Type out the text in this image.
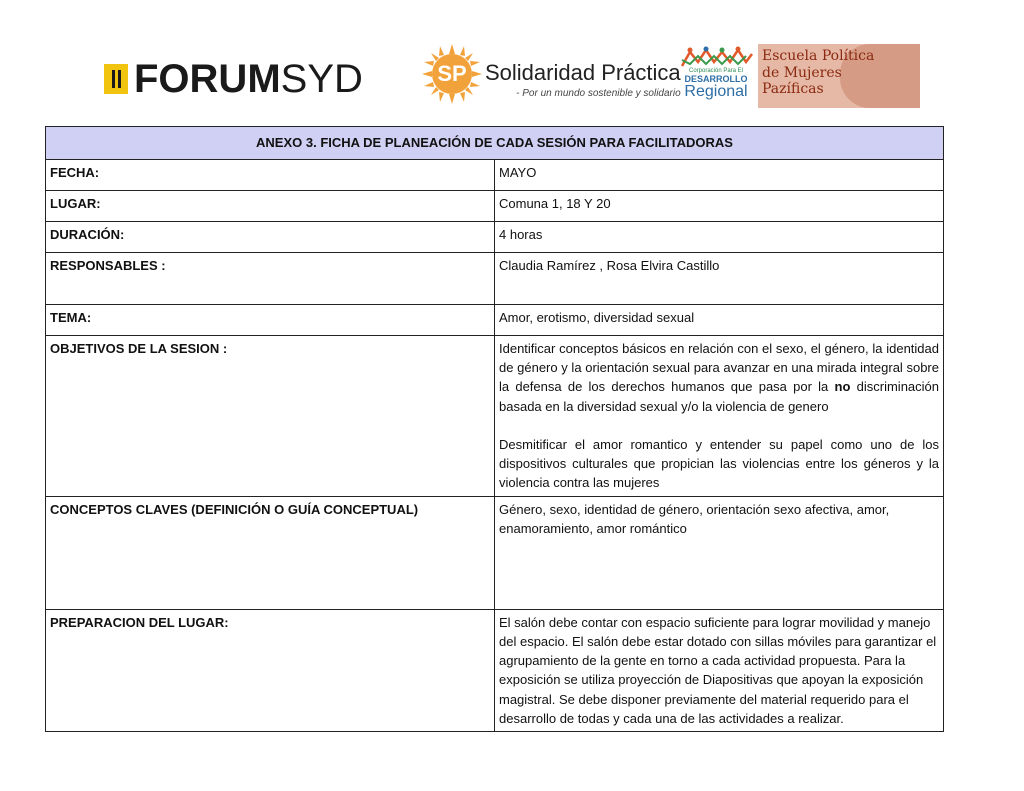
FORUMSYD	SP Solidaridad Práctica
- Por un mundo sostenible y solidario
Corporación Para El
DESARROLLO
Regional
Escuela Política
de Mujeres
Pazíficas
ANEXO 3. FICHA DE PLANEACIÓN DE CADA SESIÓN PARA FACILITADORAS	
FECHA:	MAYO
LUGAR:	Comuna 1, 18 Y 20
DURACIÓN:	4 horas
RESPONSABLES :	Claudia Ramírez , Rosa Elvira Castillo
TEMA:	Amor, erotismo, diversidad sexual
OBJETIVOS DE LA SESION :	Identificar conceptos básicos en relación con el sexo, el género, la identidad de género y la orientación sexual para avanzar en una mirada integral sobre la defensa de los derechos humanos que pasa por la no discriminación basada en la diversidad sexual y/o la violencia de genero

Desmitificar el amor romantico y entender su papel como uno de los dispositivos culturales que propician las violencias entre los géneros y la violencia contra las mujeres

CONCEPTOS CLAVES (DEFINICIÓN O GUÍA CONCEPTUAL)	Género, sexo, identidad de género, orientación sexo afectiva, amor, enamoramiento, amor romántico
PREPARACION DEL LUGAR:	El salón debe contar con espacio suficiente para lograr movilidad y manejo del espacio. El salón debe estar dotado con sillas móviles para garantizar el agrupamiento de la gente en torno a cada actividad propuesta. Para la exposición se utiliza proyección de Diapositivas que apoyan la exposición magistral. Se debe disponer previamente del material requerido para el desarrollo de todas y cada una de las actividades a realizar.
